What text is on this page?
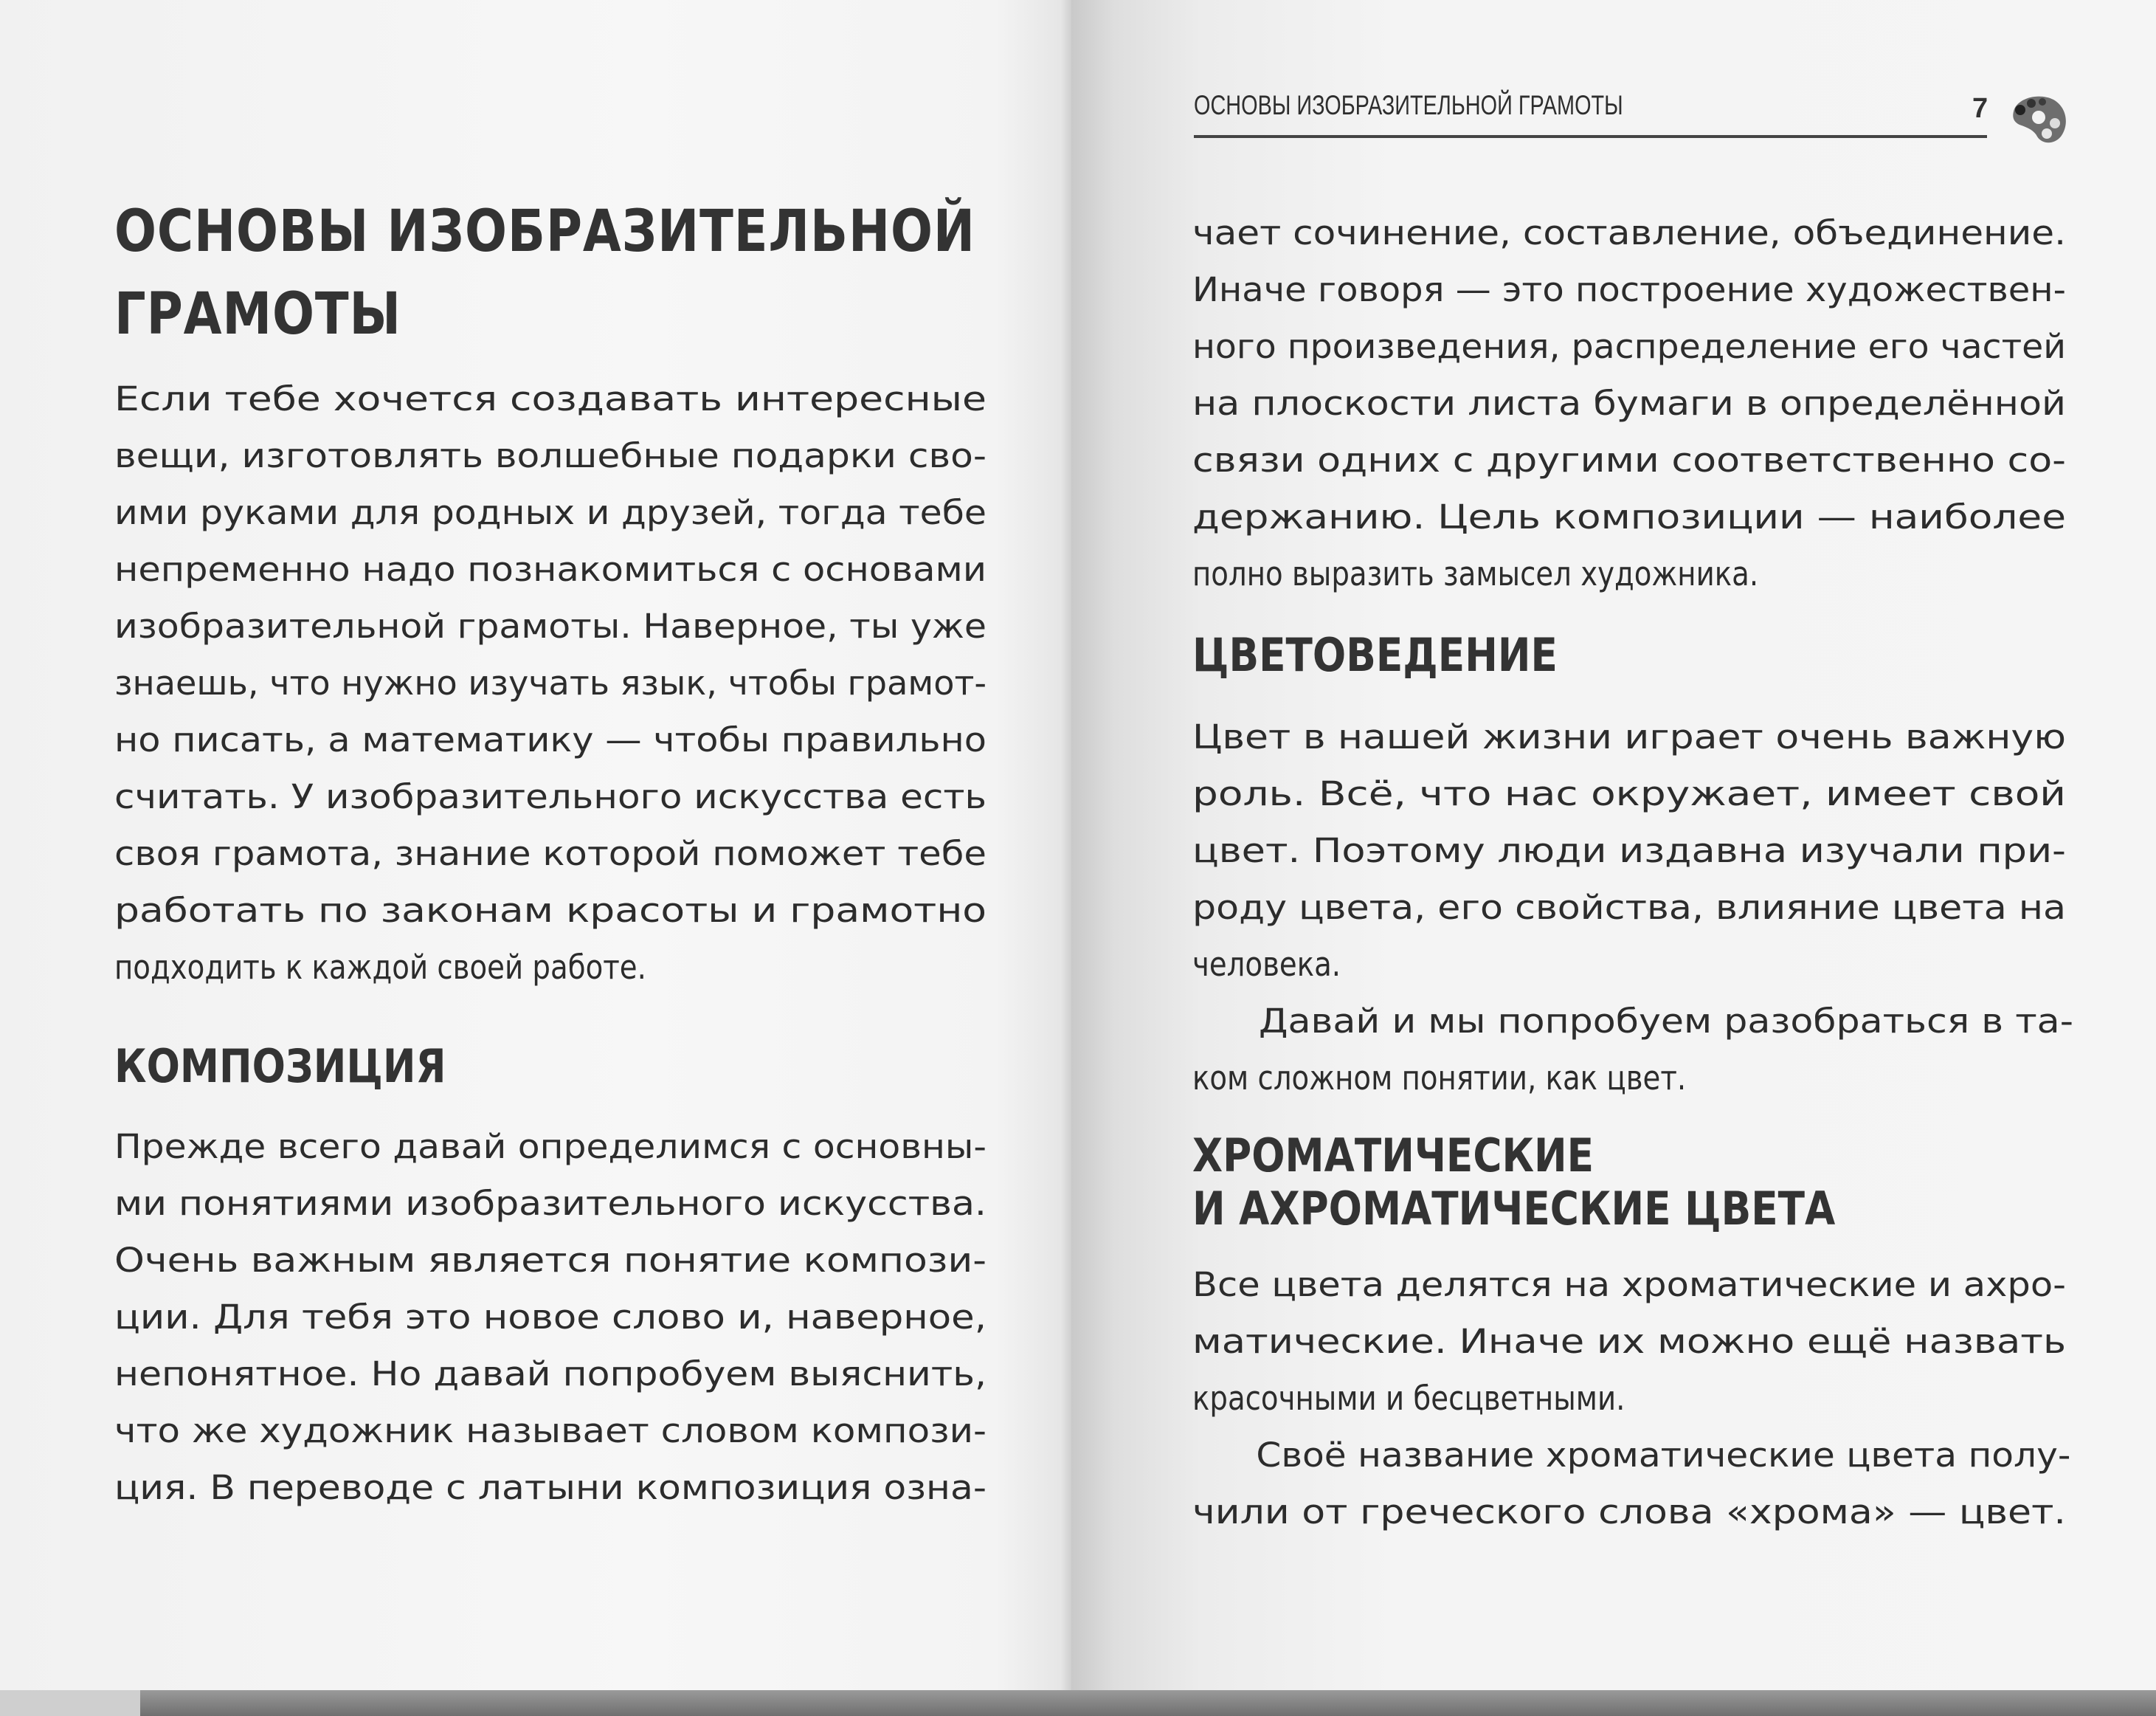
ОСНОВЫ ИЗОБРАЗИТЕЛЬНОЙ ГРАМОТЫ	7
ОСНОВЫ ИЗОБРАЗИТЕЛЬНОЙ
ГРАМОТЫ
Если тебе хочется создавать интересные
вещи, изготовлять волшебные подарки сво-
ими руками для родных и друзей, тогда тебе
непременно надо познакомиться с основами
изобразительной грамоты. Наверное, ты уже
знаешь, что нужно изучать язык, чтобы грамот-
но писать, а математику — чтобы правильно
считать. У изобразительного искусства есть
своя грамота, знание которой поможет тебе
работать по законам красоты и грамотно
подходить к каждой своей работе.
КОМПОЗИЦИЯ
Прежде всего давай определимся с основны-
ми понятиями изобразительного искусства.
Очень важным является понятие компози-
ции. Для тебя это новое слово и, наверное,
непонятное. Но давай попробуем выяснить,
что же художник называет словом компози-
ция. В переводе с латыни композиция озна-
чает сочинение, составление, объединение.
Иначе говоря — это построение художествен-
ного произведения, распределение его частей
на плоскости листа бумаги в определённой
связи одних с другими соответственно со-
держанию. Цель композиции — наиболее
полно выразить замысел художника.
ЦВЕТОВЕДЕНИЕ
Цвет в нашей жизни играет очень важную
роль. Всё, что нас окружает, имеет свой
цвет. Поэтому люди издавна изучали при-
роду цвета, его свойства, влияние цвета на
человека.
Давай и мы попробуем разобраться в та-
ком сложном понятии, как цвет.
ХРОМАТИЧЕСКИЕ
И АХРОМАТИЧЕСКИЕ ЦВЕТА
Все цвета делятся на хроматические и ахро-
матические. Иначе их можно ещё назвать
красочными и бесцветными.
Своё название хроматические цвета полу-
чили от греческого слова «хрома» — цвет.
